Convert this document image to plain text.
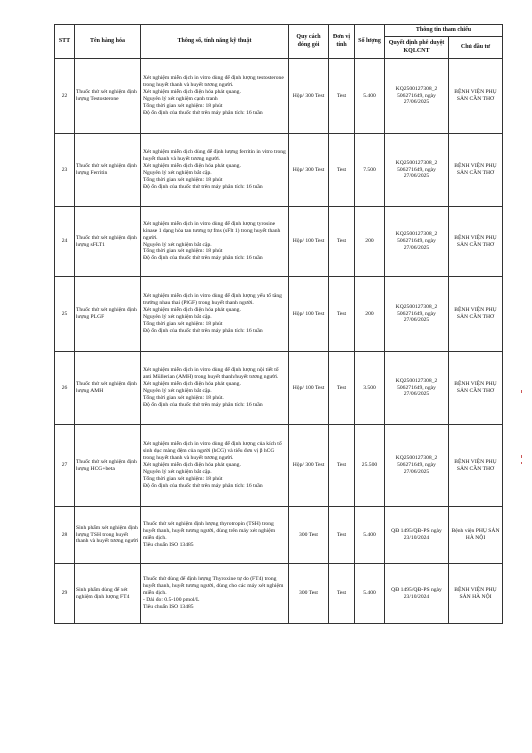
STT	Tên hàng hóa	Thông số, tính năng kỹ thuật	Quy cách đóng gói	Đơn vị tính	Số lượng	Thông tin tham chiếu	
						Quyết định phê duyệt KQLCNT	Chủ đầu tư
22	Thuốc thử xét nghiệm định lượng Testosterone	Xét nghiệm miễn dịch in vitro dùng để định lượng testosterone trong huyết thanh và huyết tương người.
Xét nghiệm miễn dịch điện hóa phát quang.
Nguyên lý xét nghiệm cạnh tranh
Tổng thời gian xét nghiệm: 18 phút
Độ ổn định của thuốc thử trên máy phân tích: 16 tuần	Hộp/ 300 Test	Test	5.400	KQ2500127308_2 506271649, ngày 27/06/2025	BỆNH VIỆN PHỤ SẢN CẦN THƠ
23	Thuốc thử xét nghiệm định lượng Ferritin	Xét nghiệm miễn dịch dùng để định lượng ferritin in vitro trong huyết thanh và huyết tương người.
Xét nghiệm miễn dịch điện hóa phát quang.
Nguyên lý xét nghiệm bắt cặp.
Tổng thời gian xét nghiệm: 18 phút
Độ ổn định của thuốc thử trên máy phân tích: 16 tuần	Hộp/ 300 Test	Test	7.500	KQ2500127308_2 506271649, ngày 27/06/2025	BỆNH VIỆN PHỤ SẢN CẦN THƠ
24	Thuốc thử xét nghiệm định lượng sFLT1	Xét nghiệm miễn dịch in vitro dùng để định lượng tyrosine kinase 1 dạng hòa tan tương tự fms (sFlt 1) trong huyết thanh người.
Nguyên lý xét nghiệm bắt cặp.
Tổng thời gian xét nghiệm: 18 phút
Độ ổn định của thuốc thử trên máy phân tích: 16 tuần	Hộp/ 100 Test	Test	200	KQ2500127308_2 506271649, ngày 27/06/2025	BỆNH VIỆN PHỤ SẢN CẦN THƠ
25	Thuốc thử xét nghiệm định lượng PLGF	Xét nghiệm miễn dịch in vitro dùng để định lượng yếu tố tăng trưởng nhau thai (PlGF) trong huyết thanh người.
Xét nghiệm miễn dịch điện hóa phát quang.
Nguyên lý xét nghiệm bắt cặp.
Tổng thời gian xét nghiệm: 18 phút
Độ ổn định của thuốc thử trên máy phân tích: 16 tuần	Hộp/ 100 Test	Test	200	KQ2500127308_2 506271649, ngày 27/06/2025	BỆNH VIỆN PHỤ SẢN CẦN THƠ
26	Thuốc thử xét nghiệm định lượng AMH	Xét nghiệm miễn dịch in vitro dùng để định lượng nội tiết tố anti Müllerian (AMH) trong huyết thanh/huyết tương người.
Xét nghiệm miễn dịch điện hóa phát quang.
Nguyên lý xét nghiệm bắt cặp.
Tổng thời gian xét nghiệm: 18 phút.
Độ ổn định của thuốc thử trên máy phân tích: 16 tuần	Hộp/ 100 Test	Test	3.500	KQ2500127308_2 506271649, ngày 27/06/2025	BỆNH VIỆN PHỤ SẢN CẦN THƠ
27	Thuốc thử xét nghiệm định lượng HCG+beta	Xét nghiệm miễn dịch in vitro dùng để định lượng của kích tố sinh dục màng đệm của người (hCG) và tiểu đơn vị β hCG trong huyết thanh và huyết tương người.
Xét nghiệm miễn dịch điện hóa phát quang.
Nguyên lý xét nghiệm bắt cặp.
Tổng thời gian xét nghiệm: 18 phút
Độ ổn định của thuốc thử trên máy phân tích: 16 tuần	Hộp/ 300 Test	Test	25.500	KQ2500127308_2 506271649, ngày 27/06/2025	BỆNH VIỆN PHỤ SẢN CẦN THƠ
28	Sinh phẩm xét nghiệm định lượng TSH trong huyết thanh và huyết tương người	Thuốc thử xét nghiệm định lượng thyrotropin (TSH) trong huyết thanh, huyết tương người, dùng trên máy xét nghiệm miễn dịch.
Tiêu chuẩn ISO 13485	300 Test	Test	5.400	QĐ 1495/QĐ-PS ngày 23/10/2024	Bệnh viện PHỤ SẢN HÀ NỘI
29	Sinh phẩm dùng để xét nghiệm định lượng FT4	Thuốc thử dùng để định lượng Thyroxine tự do (FT4) trong huyết thanh, huyết tương người, dùng cho các máy xét nghiệm miễn dịch.
- Dải đo: 0.5-100 pmol/L
Tiêu chuẩn ISO 13485	300 Test	Test	5.400	QĐ 1495/QĐ-PS ngày 23/10/2024	BỆNH VIỆN PHỤ SẢN HÀ NỘI
